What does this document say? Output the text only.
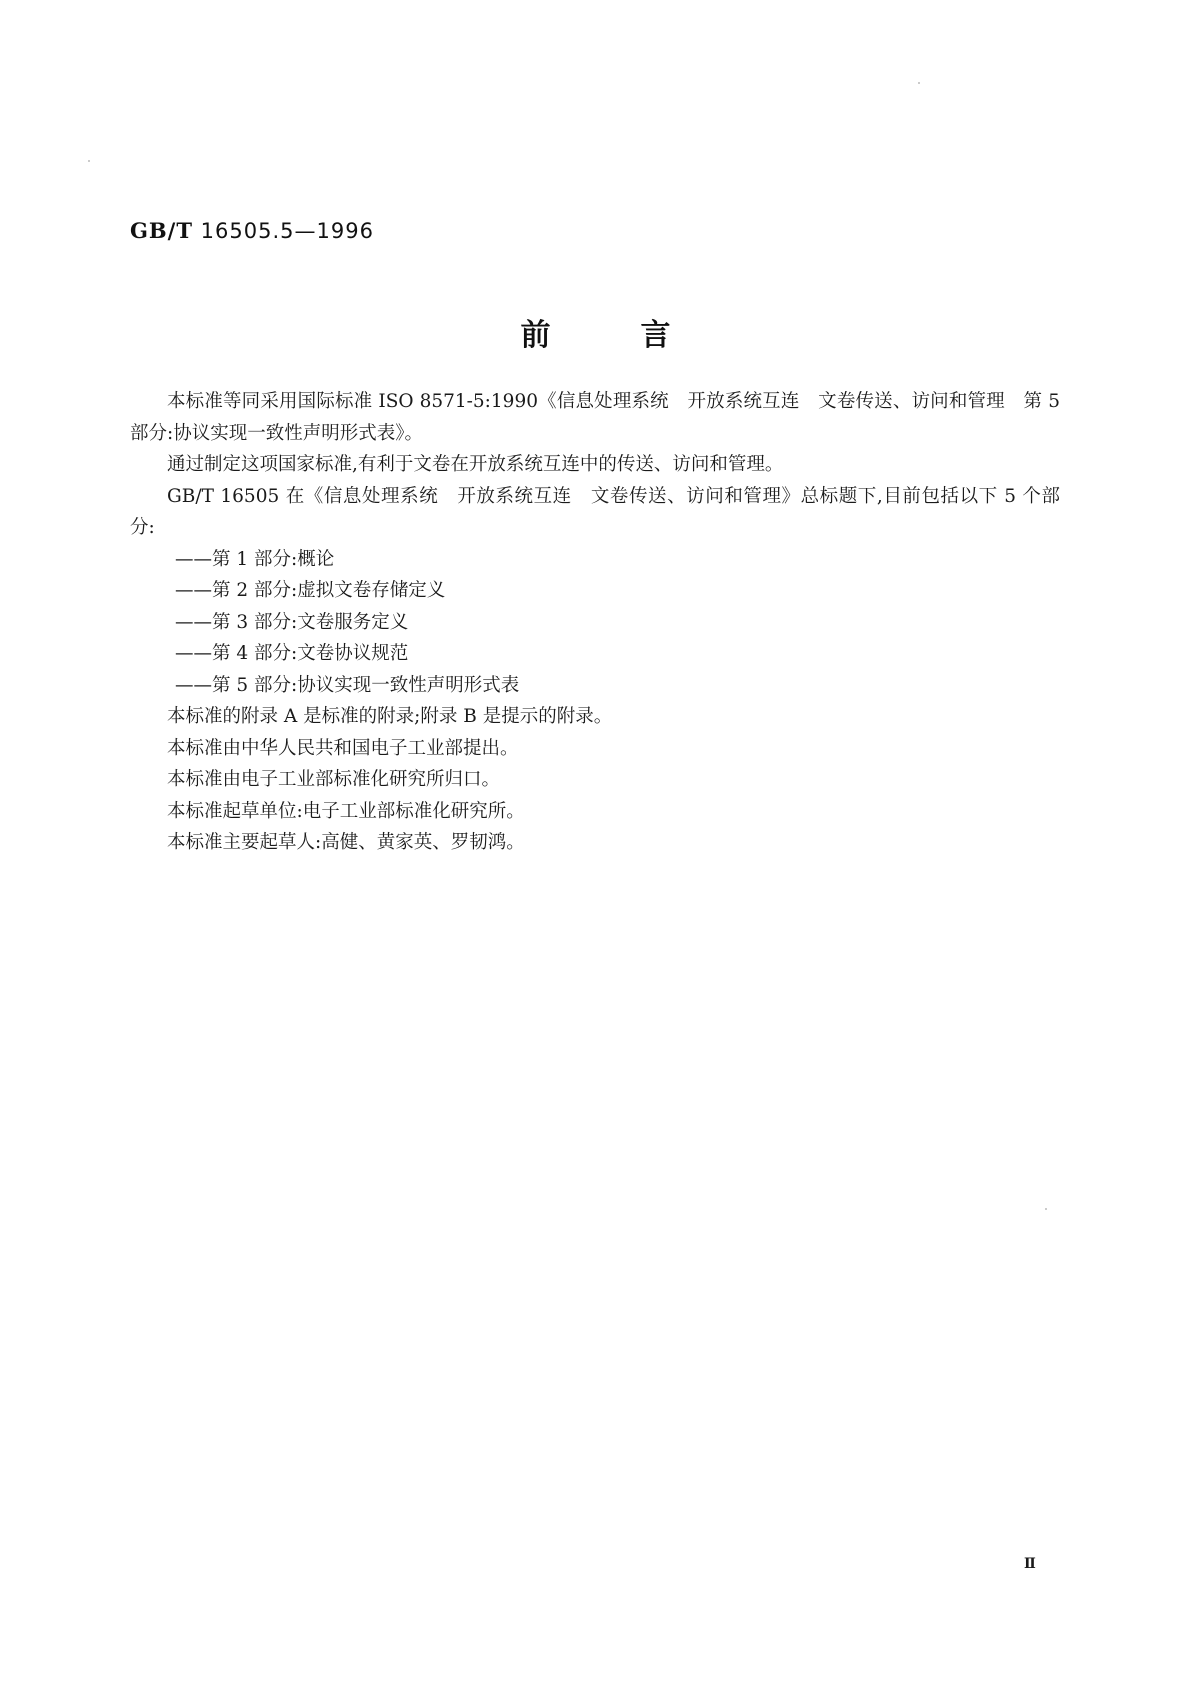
GB/T 16505.5—1996
前言

本标准等同采用国际标准 ISO 8571-5:1990《信息处理系统　开放系统互连　文卷传送、访问和管理　第 5 部分:协议实现一致性声明形式表》。

通过制定这项国家标准,有利于文卷在开放系统互连中的传送、访问和管理。

GB/T 16505 在《信息处理系统　开放系统互连　文卷传送、访问和管理》总标题下,目前包括以下 5 个部分:

——第 1 部分:概论

——第 2 部分:虚拟文卷存储定义

——第 3 部分:文卷服务定义

——第 4 部分:文卷协议规范

——第 5 部分:协议实现一致性声明形式表

本标准的附录 A 是标准的附录;附录 B 是提示的附录。

本标准由中华人民共和国电子工业部提出。

本标准由电子工业部标准化研究所归口。

本标准起草单位:电子工业部标准化研究所。

本标准主要起草人:高健、黄家英、罗韧鸿。

Ⅱ
